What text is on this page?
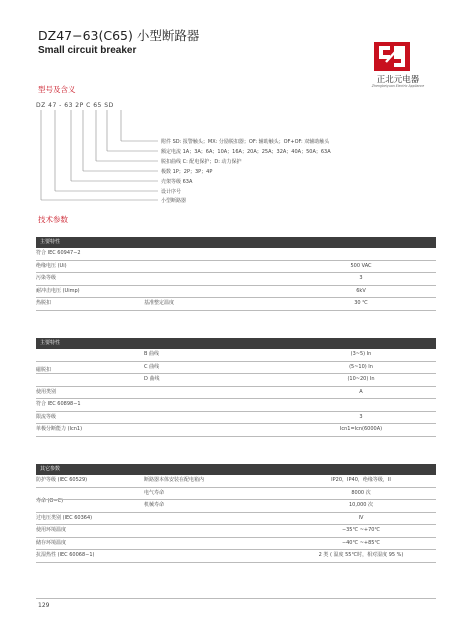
DZ47−63(C65) 小型断路器
Small circuit breaker
正北元电器
Zhengbeiyuan Electric Appliance
型号及含义
DZ 47 - 63 2P C 65 SD
附件 SD: 报警触头；MX: 分励脱扣器；OF: 辅助触头；OF+OF: 双辅助触头
额定电流 1A；3A；6A；10A；16A；20A；25A；32A；40A；50A；63A
脱扣曲线 C: 配电保护；D: 动力保护
极数 1P；2P；3P；4P
壳架等级 63A
设计序号
小型断路器
技术参数
主要特性
符合 IEC 60947−2
绝缘电压 (Ui)	500 VAC
污染等级	3
耐冲击电压 (Uimp)	6kV
热脱扣	基准整定温度	30 ℃
主要特性
磁脱扣
B 曲线	(3~5) In
C 曲线	(5~10) In
D 曲线	(10~20) In
使用类别	A
符合 IEC 60898−1
限流等级	3
单极分断能力 (Icn1)	Icn1=Icn(6000A)
其它参数
寿命 (O−C)
防护等级 (IEC 60529)	断路器本体安装在配电箱内	IP20，IP40，绝缘等级，II
电气寿命	8000 次
机械寿命	10,000 次
过电压类别 (IEC 60364)	IV
使用环境温度	−35℃ ~+70℃
储存环境温度	−40℃ ~+85℃
抗湿热性 (IEC 60068−1)	2 类 ( 温度 55℃时，相对湿度 95 %)
129
